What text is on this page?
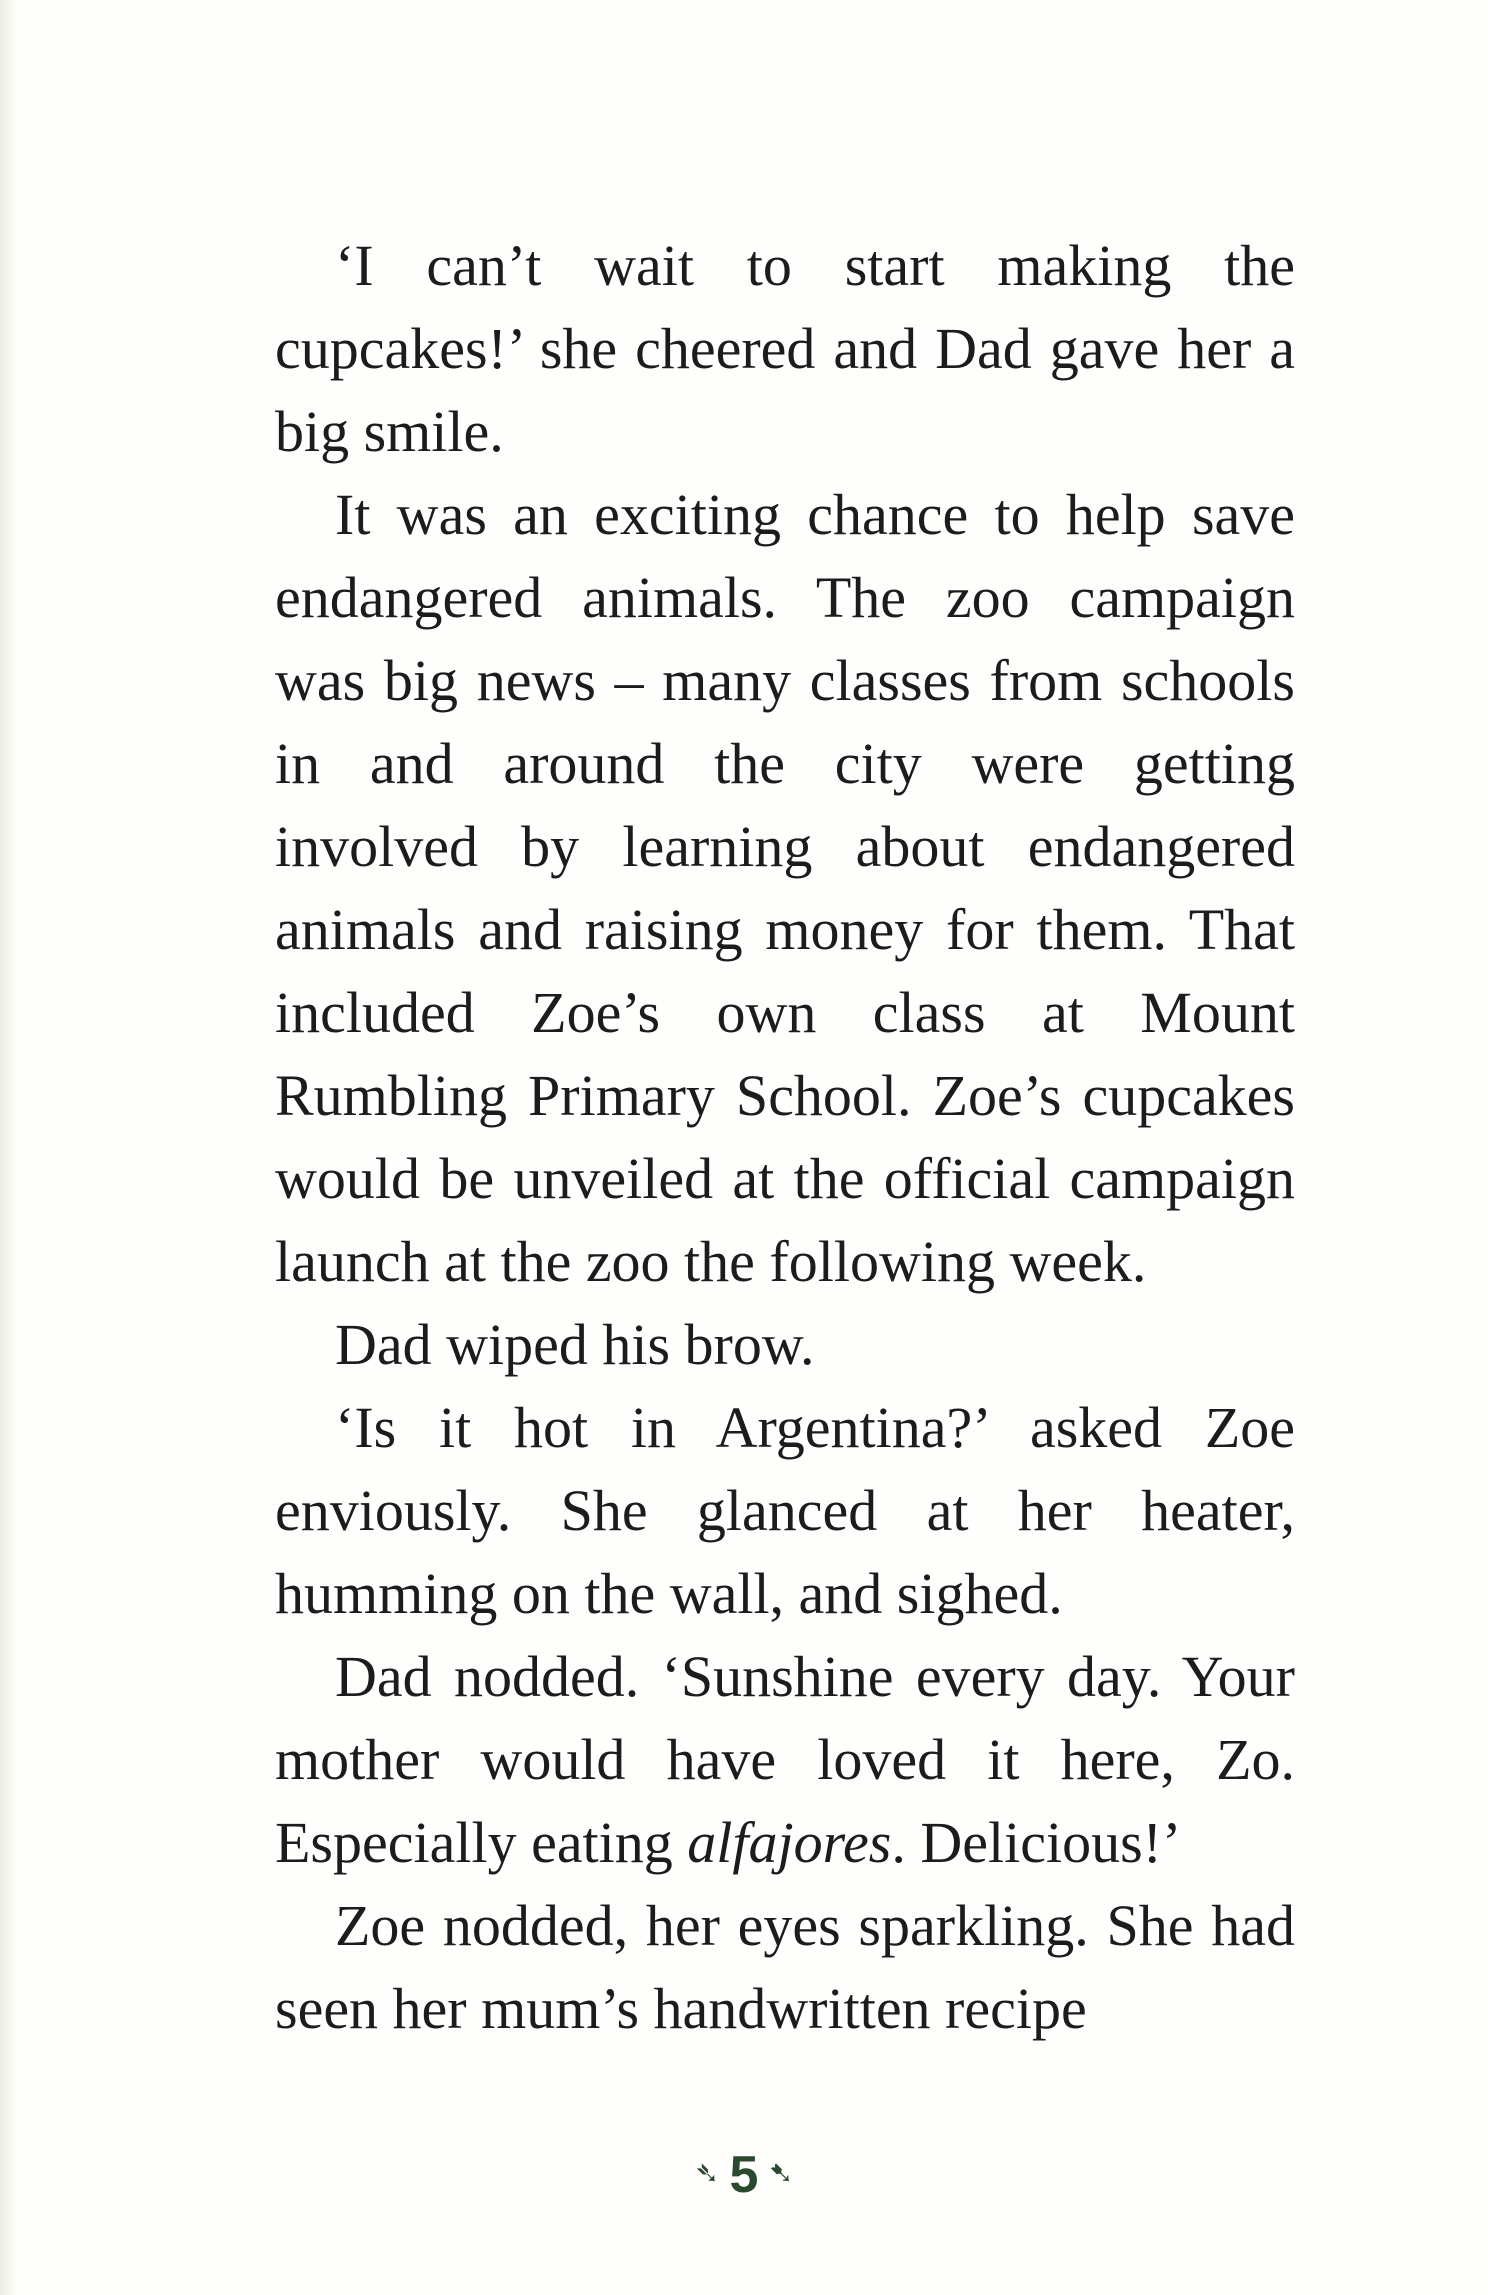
‘I can’t wait to start making the cupcakes!’ she cheered and Dad gave her a big smile.

It was an exciting chance to help save endangered animals. The zoo campaign was big news – many classes from schools in and around the city were getting involved by learning about endangered animals and raising money for them. That included Zoe’s own class at Mount Rumbling Primary School. Zoe’s cupcakes would be unveiled at the official campaign launch at the zoo the following week.

Dad wiped his brow.

‘Is it hot in Argentina?’ asked Zoe enviously. She glanced at her heater, humming on the wall, and sighed.

Dad nodded. ‘Sunshine every day. Your mother would have loved it here, Zo. Especially eating alfajores. Delicious!’

Zoe nodded, her eyes sparkling. She had seen her mum’s handwritten recipe

➴ 5 ➷
